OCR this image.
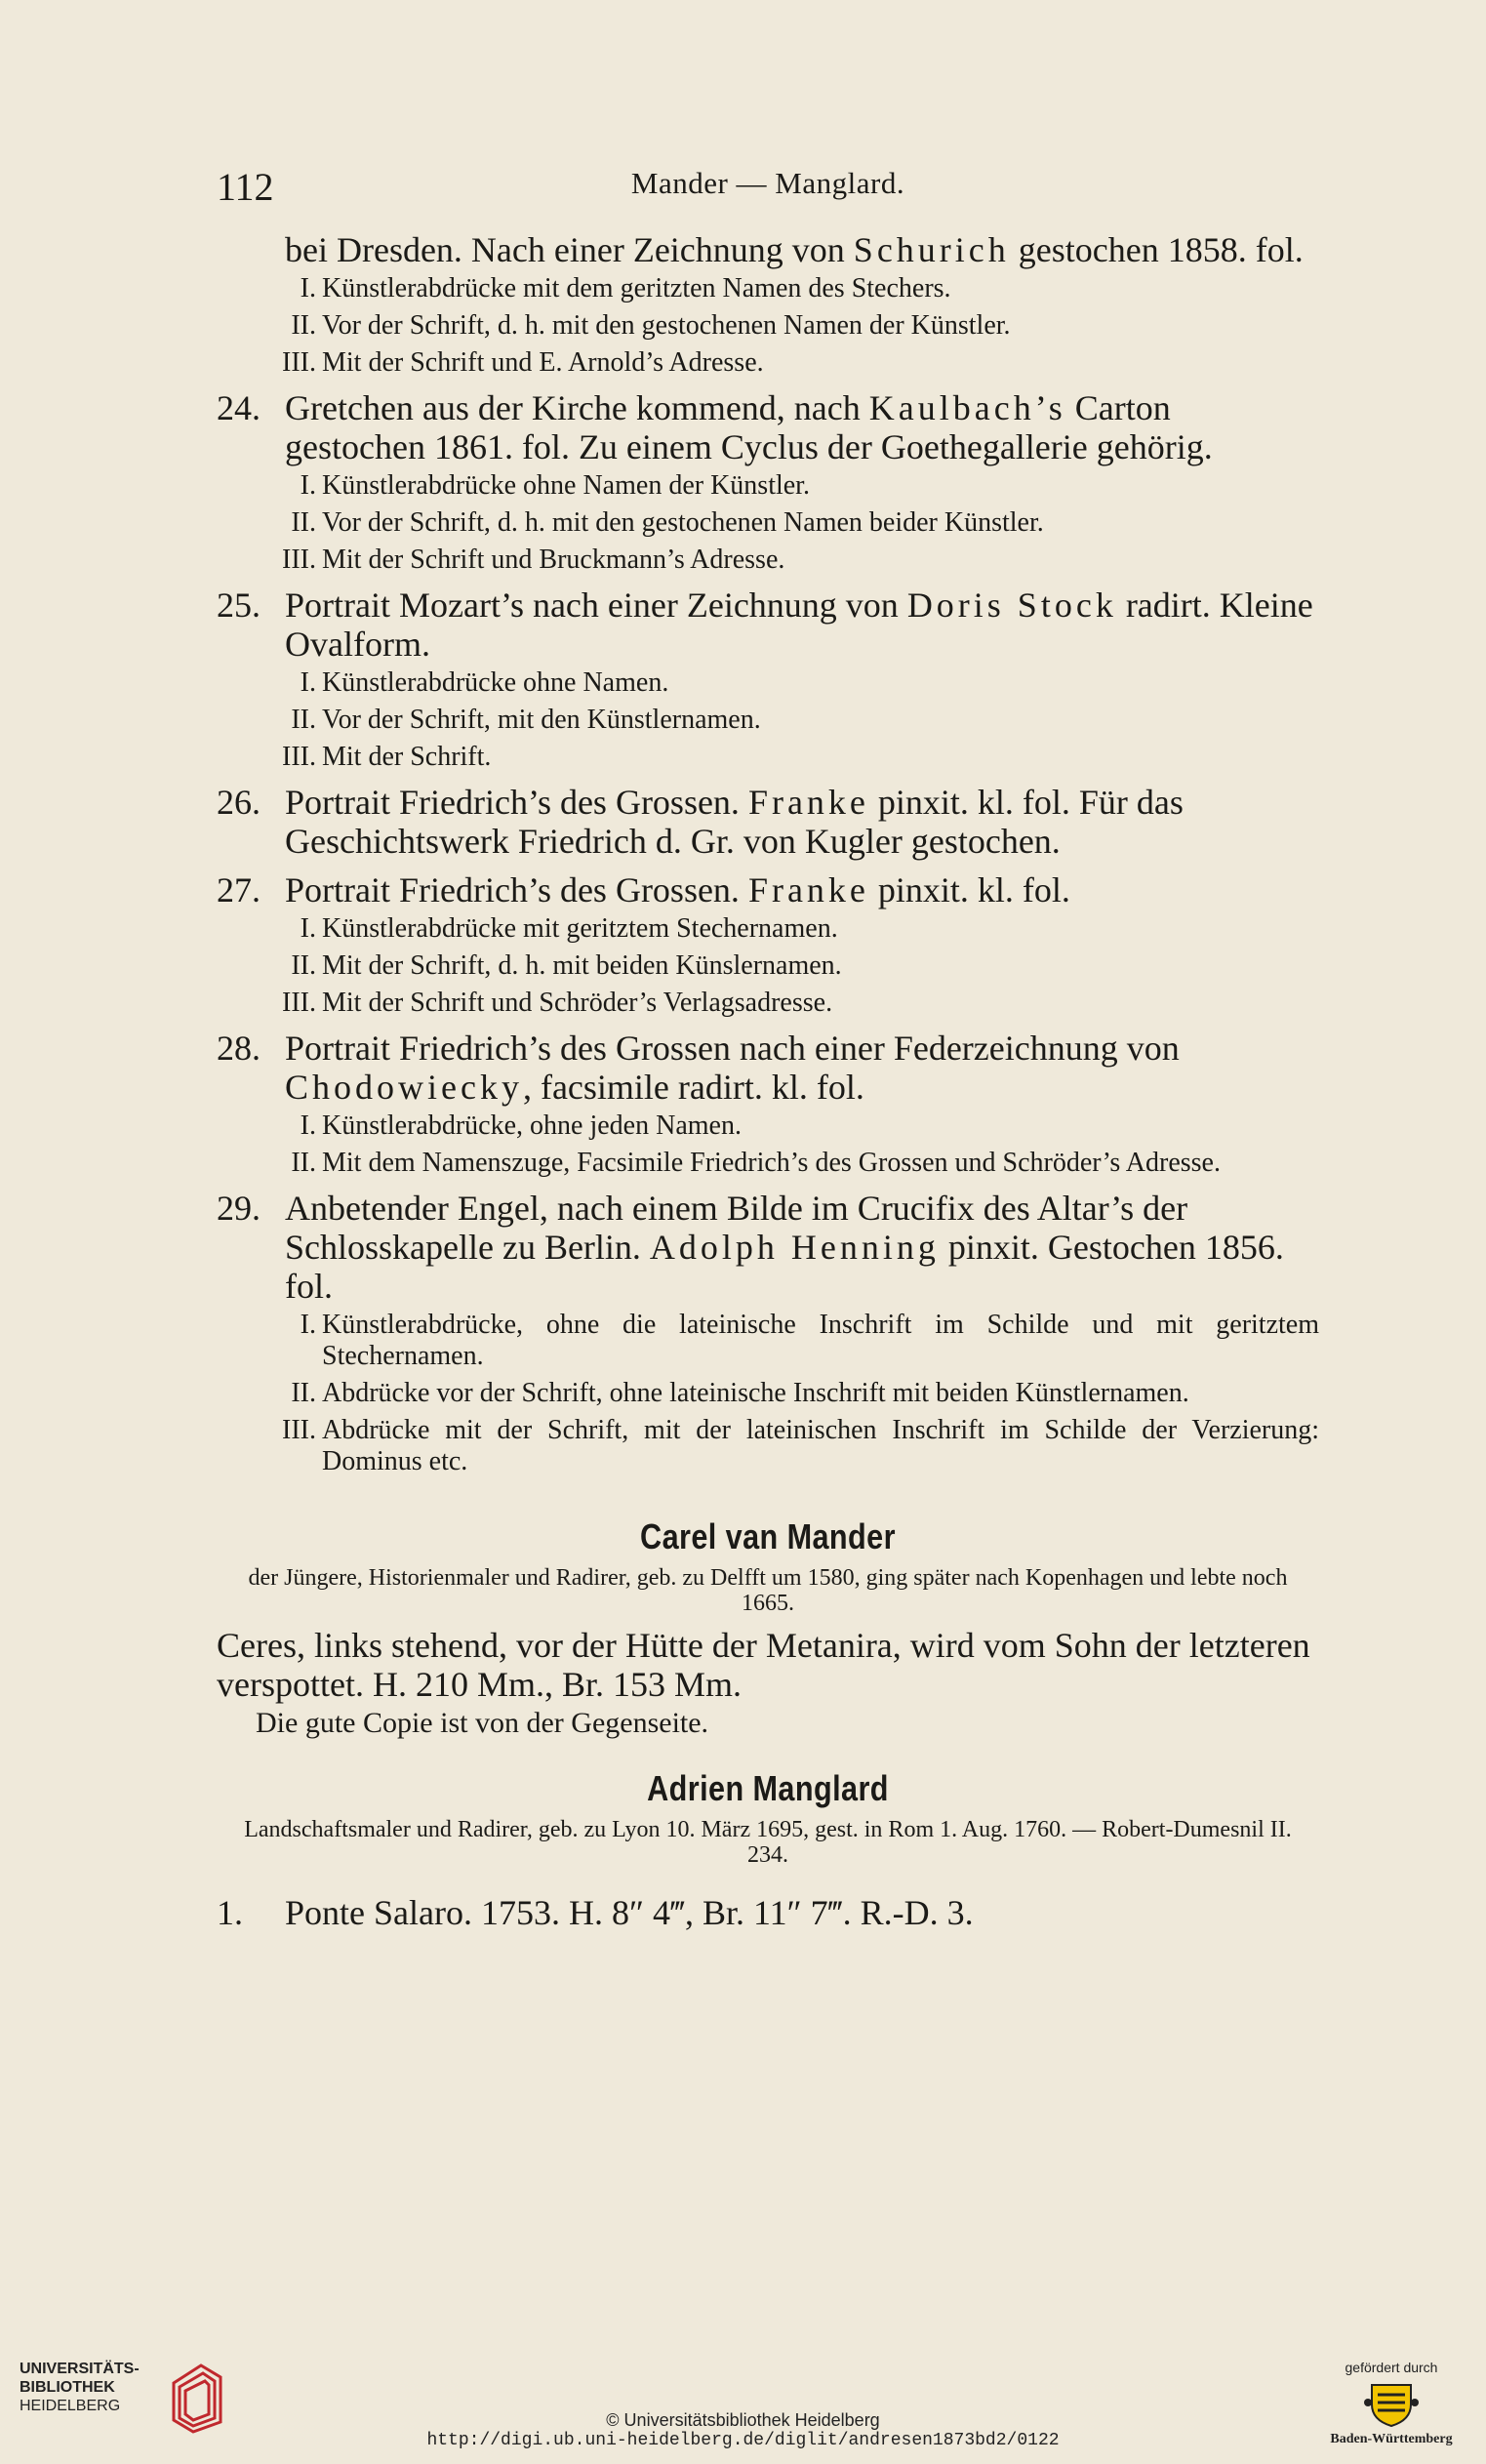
112	Mander — Manglard.
bei Dresden. Nach einer Zeichnung von Schurich gestochen 1858. fol.
I. Künstlerabdrücke mit dem geritzten Namen des Stechers.
II. Vor der Schrift, d. h. mit den gestochenen Namen der Künstler.
III. Mit der Schrift und E. Arnold’s Adresse.
24. Gretchen aus der Kirche kommend, nach Kaulbach’s Carton gestochen 1861. fol. Zu einem Cyclus der Goethegallerie gehörig.
I. Künstlerabdrücke ohne Namen der Künstler.
II. Vor der Schrift, d. h. mit den gestochenen Namen beider Künstler.
III. Mit der Schrift und Bruckmann’s Adresse.
25. Portrait Mozart’s nach einer Zeichnung von Doris Stock radirt. Kleine Ovalform.
I. Künstlerabdrücke ohne Namen.
II. Vor der Schrift, mit den Künstlernamen.
III. Mit der Schrift.
26. Portrait Friedrich’s des Grossen. Franke pinxit. kl. fol. Für das Geschichtswerk Friedrich d. Gr. von Kugler gestochen.
27. Portrait Friedrich’s des Grossen. Franke pinxit. kl. fol.
I. Künstlerabdrücke mit geritztem Stechernamen.
II. Mit der Schrift, d. h. mit beiden Künslernamen.
III. Mit der Schrift und Schröder’s Verlagsadresse.
28. Portrait Friedrich’s des Grossen nach einer Federzeichnung von Chodowiecky, facsimile radirt. kl. fol.
I. Künstlerabdrücke, ohne jeden Namen.
II. Mit dem Namenszuge, Facsimile Friedrich’s des Grossen und Schröder’s Adresse.
29. Anbetender Engel, nach einem Bilde im Crucifix des Altar’s der Schlosskapelle zu Berlin. Adolph Henning pinxit. Gestochen 1856. fol.
I. Künstlerabdrücke, ohne die lateinische Inschrift im Schilde und mit geritztem Stechernamen.
II. Abdrücke vor der Schrift, ohne lateinische Inschrift mit beiden Künstlernamen.
III. Abdrücke mit der Schrift, mit der lateinischen Inschrift im Schilde der Verzierung: Dominus etc.
Carel van Mander
der Jüngere, Historienmaler und Radirer, geb. zu Delfft um 1580, ging später nach Kopenhagen und lebte noch 1665.
Ceres, links stehend, vor der Hütte der Metanira, wird vom Sohn der letzteren verspottet. H. 210 Mm., Br. 153 Mm.
Die gute Copie ist von der Gegenseite.
Adrien Manglard
Landschaftsmaler und Radirer, geb. zu Lyon 10. März 1695, gest. in Rom 1. Aug. 1760. — Robert-Dumesnil II. 234.
1.	Ponte Salaro. 1753. H. 8″ 4‴, Br. 11″ 7‴. R.-D. 3.
UNIVERSITÄTS-
BIBLIOTHEK
HEIDELBERG
© Universitätsbibliothek Heidelberg
http://digi.ub.uni-heidelberg.de/diglit/andresen1873bd2/0122
gefördert durch
Baden-Württemberg
